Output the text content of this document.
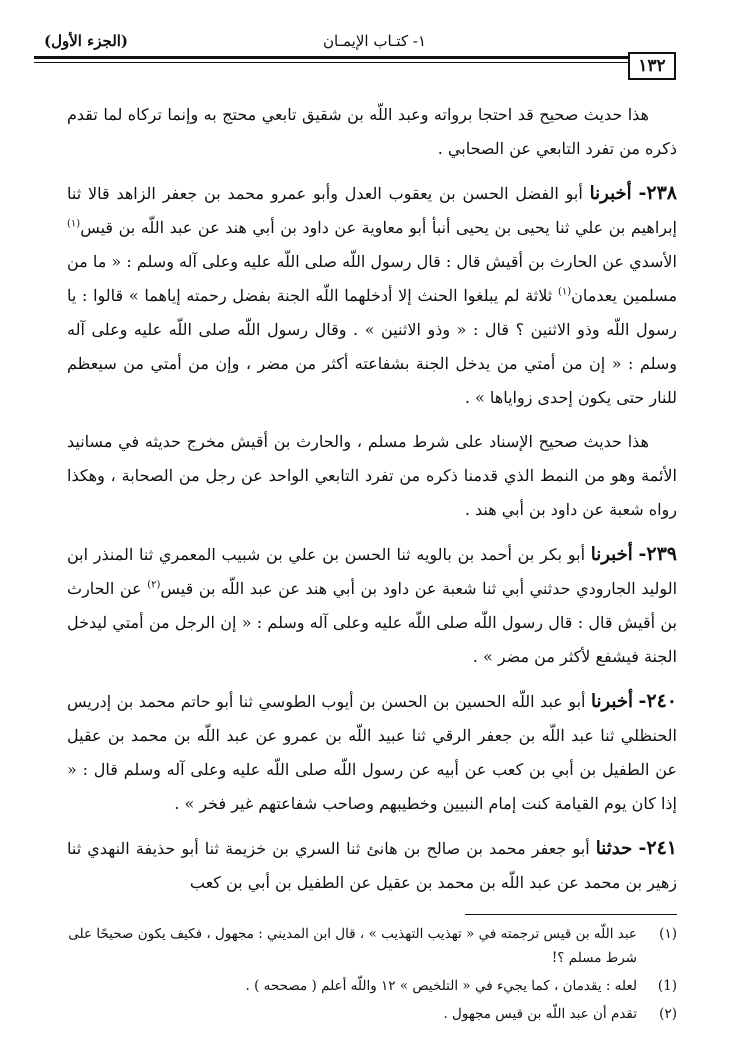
١٣٢
١- كتـاب الإيمـان
(الجزء الأول)

هذا حديث صحيح قد احتجا برواته وعبد اللّه بن شقيق تابعي محتج به وإنما تركاه لما تقدم ذكره من تفرد التابعي عن الصحابي .

٢٣٨- أخبرنا أبو الفضل الحسن بن يعقوب العدل وأبو عمرو محمد بن جعفر الزاهد قالا ثنا إبراهيم بن علي ثنا يحيى بن يحيى أنبأ أبو معاوية عن داود بن أبي هند عن عبد اللّه بن قيس$^{(١)}$ الأسدي عن الحارث بن أقيش قال : قال رسول اللّه صلى اللّه عليه وعلى آله وسلم : « ما من مسلمين يعدمان$^{(١)}$ ثلاثة لم يبلغوا الحنث إلا أدخلهما اللّه الجنة بفضل رحمته إياهما » قالوا : يا رسول اللّه وذو الاثنين ؟ قال : « وذو الاثنين » . وقال رسول اللّه صلى اللّه عليه وعلى آله وسلم : « إن من أمتي من يدخل الجنة بشفاعته أكثر من مضر ، وإن من أمتي من سيعظم للنار حتى يكون إحدى زواياها » .

هذا حديث صحيح الإسناد على شرط مسلم ، والحارث بن أقيش مخرج حديثه في مسانيد الأئمة وهو من النمط الذي قدمنا ذكره من تفرد التابعي الواحد عن رجل من الصحابة ، وهكذا رواه شعبة عن داود بن أبي هند .

٢٣٩- أخبرنا أبو بكر بن أحمد بن بالويه ثنا الحسن بن علي بن شبيب المعمري ثنا المنذر ابن الوليد الجارودي حدثني أبي ثنا شعبة عن داود بن أبي هند عن عبد اللّه بن قيس$^{(٢)}$ عن الحارث بن أقيش قال : قال رسول اللّه صلى اللّه عليه وعلى آله وسلم : « إن الرجل من أمتي ليدخل الجنة فيشفع لأكثر من مضر » .

٢٤٠- أخبرنا أبو عبد اللّه الحسين بن الحسن بن أيوب الطوسي ثنا أبو حاتم محمد بن إدريس الحنظلي ثنا عبد اللّه بن جعفر الرقي ثنا عبيد اللّه بن عمرو عن عبد اللّه بن محمد بن عقيل عن الطفيل بن أبي بن كعب عن أبيه عن رسول اللّه صلى اللّه عليه وعلى آله وسلم قال : « إذا كان يوم القيامة كنت إمام النبيين وخطيبهم وصاحب شفاعتهم غير فخر » .

٢٤١- حدثنا أبو جعفر محمد بن صالح بن هانئ ثنا السري بن خزيمة ثنا أبو حذيفة النهدي ثنا زهير بن محمد عن عبد اللّه بن محمد بن عقيل عن الطفيل بن أبي بن كعب

(١)
عبد اللّه بن قيس ترجمته في « تهذيب التهذيب » ، قال ابن المديني : مجهول ، فكيف يكون صحيحًا على شرط مسلم ؟!

(1)
لعله : يقدمان ، كما يجيء في « التلخيص » ١٢ واللّه أعلم ( مصححه ) .

(٢)
تقدم أن عبد اللّه بن قيس مجهول .
